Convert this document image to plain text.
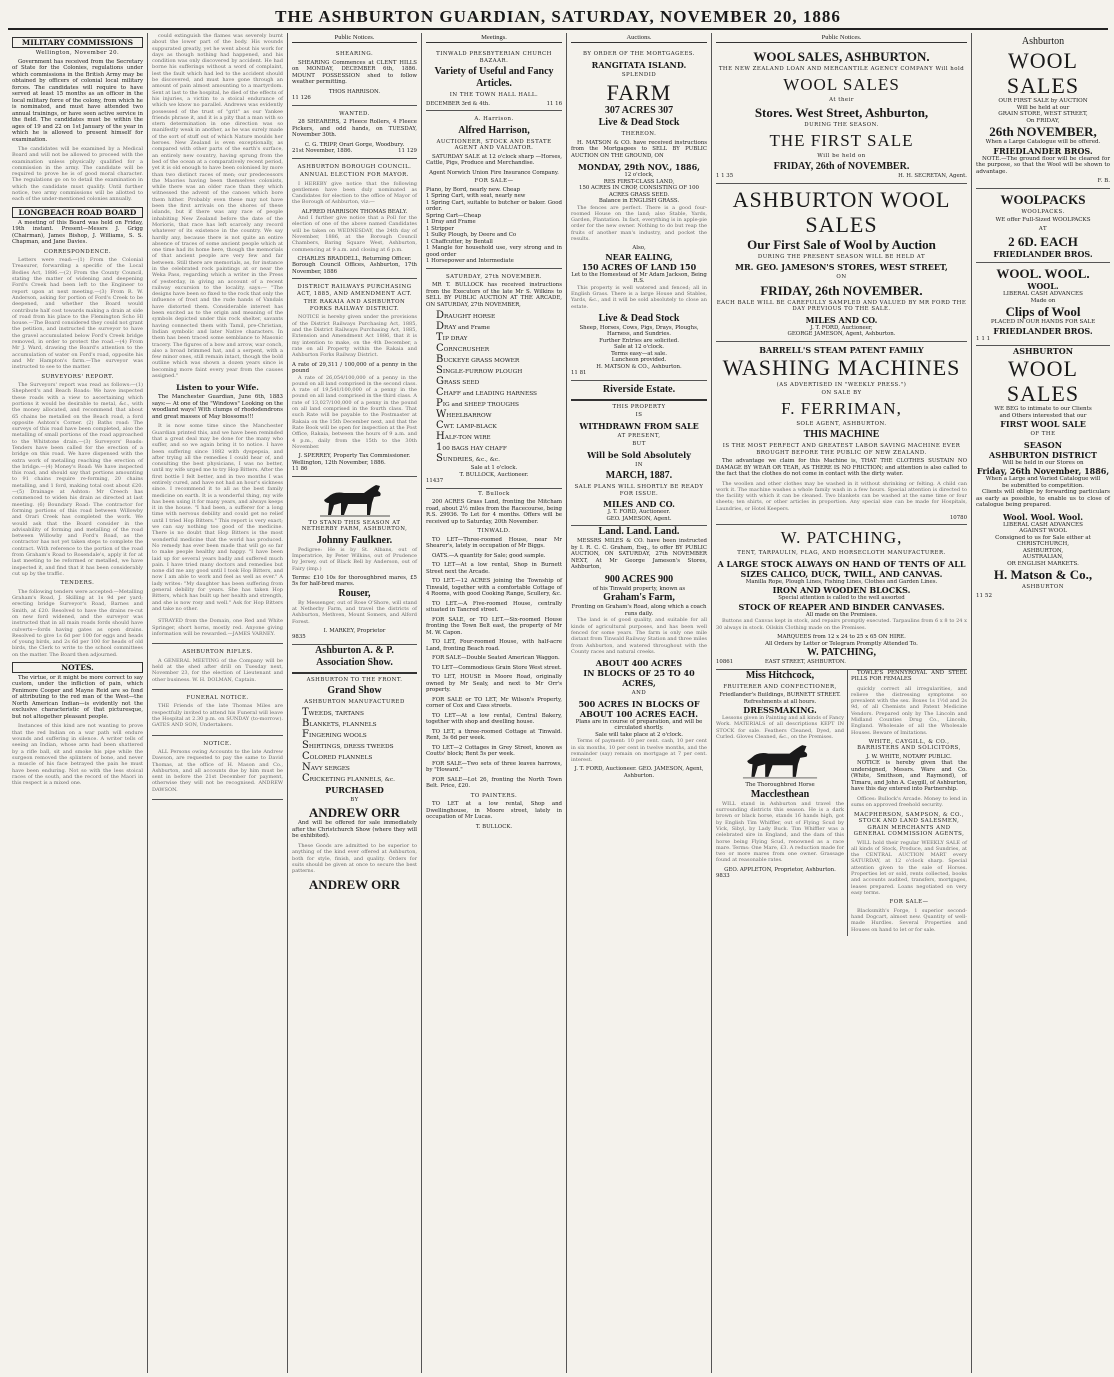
THE ASHBURTON GUARDIAN, SATURDAY, NOVEMBER 20, 1886
MILITARY COMMISSIONS
Wellington, November 20.

Government has received from the Secretary of State for the Colonies, regulations under which commissions in the British Army may be obtained by officers of colonial local military forces. The candidates will require to have served at least 15 months as an officer in the local military force of the colony, from which he is nominated, and must have attended two annual trainings, or have seen active service in the field. The candidates must be within the ages of 19 and 22 on 1st January of the year in which he is allowed to present himself for examination.

The candidates will be examined by a Medical Board and will not be allowed to proceed with the examination unless physically qualified for a commission in the army. The candidate will be required to prove he is of good moral character. The regulations go on to detail the examination in which the candidate must qualify. Until further notice, two army commissions will be allotted to each of the under-mentioned colonies annually.

LONGBEACH ROAD BOARD

A meeting of this Board was held on Friday, 19th instant. Present—Messrs J. Grigg (Chairman), James Bishop, J. Williams, S. S. Chapman, and Jane Davies.

CORRESPONDENCE.

Letters were read:—(1) From the Colonial Treasurer, forwarding a specific of the Local Bodies Act, 1886.—(2) From the County Council, stating the matter of widening and deepening Ford's Creek had been left to the Engineer to report upon at next meeting.—(3) From R. W. Anderson, asking for portion of Ford's Creek to be deepened, and whether the Board would contribute half cost towards making a drain at side of road from his place to the Flemington Scho Hl house.—The Board considered they could not grant the petition, and instructed the surveyor to have the gravel accumulated below Ford's Creek bridge removed, in order to protect the road.—(4) From Mr J. Ward, drawing the Board's attention to the accumulation of water on Ford's road, opposite his and Mr Hampton's farm.—The surveyor was instructed to see to the matter.

SURVEYORS' REPORT.

The Surveyors' report was read as follows:—(1) Shepherd's and Beach Roads: We have inspected these roads with a view to ascertaining which portions it would be desirable to metal, &c., with the money allocated, and recommend that about 65 chains be metalled on the Beach road, a ford opposite Ashton's Corner. (2) Baths road: The surveys of this road have been completed, also the metalling of small portions of the road approached to the Whitstone drain.—(3) Surveyors' Roads: Tenders have been called for the erection of a bridge on this road. We have dispensed with the extra work of metalling reaching the erection of the bridge.—(4) Money's Road: We have inspected this road, and should say that portions amounting to 91 chains require re-forming, 20 chains metalling, and 1 ford, making total cost about £20.—(5) Drainage at Ashton: Mr Creech has commenced to widen his drain as directed at last meeting. (6) Boundary Road: The contractor for forming portions of this road between Willowby and Orari Creek has completed the work. We would ask that the Board consider in the advisability of forming and metalling of the road between Willowby and Ford's Road, as the contractor has not yet taken steps to complete the contract. With reference to the portion of the road from Graham's Road to Rosendale's, apply it for at last meeting to be reformed or metalled, we have inspected it, and find that it has been considerably cut up by the traffic.

TENDERS.

The following tenders were accepted:—Metalling Graham's Road, J. Skilling at 1s 9d per yard; erecting bridge Surveyor's Road, Barnes and Smith, at £20. Resolved to have the drains re-cut on new ford widened, and the surveyor was instructed that in all main roads fords should have culverts—fords having gates as open drains. Resolved to give 1s 6d per 100 for eggs and heads of young birds, and 2s 6d per 100 for heads of old birds, the Clerk to write to the school committees on the matter. The Board then adjourned.

NOTES.

The virtue, or it might be more correct to say custom, under the infliction of pain, which Fenimore Cooper and Mayne Reid are so fond of attributing to the red man of the West—the North American Indian—is evidently not the exclusive characteristic of that picturesque, but not altogether pleasant people.

Instances of this kind are not wanting to prove that the red Indian on a war path will endure wounds and suffering in silence. A writer tells of seeing an Indian, whose arm had been shattered by a rifle ball, sit and smoke his pipe while the surgeon removed the splinters of bone, and never a muscle of his face betrayed the pain he must have been enduring. Not so with the less stoical races of the south, and the record of the Maori in this respect is a mixed one.

could extinguish the flames was severely burnt about the lower part of the body. His wounds suppurated greatly, yet he went about his work for days as though nothing had happened, and his condition was only discovered by accident. He had borne his sufferings without a word of complaint, lest the fault which had led to the accident should be discovered, and must have gone through an amount of pain almost amounting to a martyrdom. Sent at last to the hospital, he died of the effects of his injuries, a victim to a stoical endurance of which we know no parallel. Andrews was evidently possessed of the trust of "grit" as our Yankee friends phrase it, and it is a pity that a man with so stern determination in one direction was so manifestly weak in another, as he was surely made of the sort of stuff out of which Nature moulds her heroes. New Zealand is even exceptionally, as compared with other parts of the earth's surface, an entirely new country, having sprung from the bed of the ocean at a comparatively recent period, yet it is old enough to have been colonised by more than two distinct races of men; our predecessors the Maories having been themselves colonists, while there was an older race than they which witnessed the advent of the canoes which bore them hither. Probably even these may not have been the first arrivals on the shores of these islands, but if there was any race of people inhabiting New Zealand before the date of the Morioris, that race has left scarcely any record whatever of its existence in the country. We say hardly any, because there is not quite an entire absence of traces of some ancient people which at one time had its home here, though the memorials of that ancient people are very few and far between. Still there are memorials, as, for instance in the celebrated rock paintings at or near the Weka Pass, regarding which a writer in the Press of yesterday, in giving an account of a recent railway excursion to the locality, says:— "The designs have been so fixed to the rock that only the influence of frost and the rude hands of Vandals have distorted them. Considerable interest has been excited as to the origin and meaning of the symbols depicted under this rock shelter, savants having connected them with Tamil, pre-Christian, Indian symbolic and later Native characters. In them has been traced some semblance to Masonic tracery. The figures of a bow and arrow, war conch, also a broad brimmed hat, and a serpent, with a few minor ones, still remain intact, though the bold outline which was shown a dozen years since is becoming more faint every year from the causes assigned."

Listen to your Wife.

The Manchester Guardian, June 6th, 1883 says:— At one of the "Windows" Looking on the woodland ways! With clumps of rhododendrons and great masses of May blossoms!!!

It is now some time since the Manchester Guardian printed this, and we have been reminded that a great deal may be done for the many who suffer, and so we again bring it to notice. I have been suffering since 1882 with dyspepsia, and after trying all the remedies I could hear of, and consulting the best physicians, I was no better, until my wife urged me to try Hop Bitters. After the first bottle I felt better, and in two months I was entirely cured, and have not had an hour's sickness since. I recommend it to all as the best family medicine on earth. It is a wonderful thing, my wife has been using it for many years, and always keeps it in the house. "I had been, a sufferer for a long time with nervous debility and could get no relief until I tried Hop Bitters." This report is very exact; we can say nothing too good of the medicine. There is no doubt that Hop Bitters is the most wonderful medicine that the world has produced. No remedy has ever been made that will go so far to make people healthy and happy. "I have been laid up for several years badly and suffered much pain. I have tried many doctors and remedies but none did me any good until I took Hop Bitters, and now I am able to work and feel as well as ever." A lady writes: "My daughter has been suffering from general debility for years. She has taken Hop Bitters, which has built up her health and strength, and she is now rosy and well." Ask for Hop Bitters and take no other.

STRAYED from the Domain, one Red and White Springer, short horns, mostly red. Anyone giving information will be rewarded.—JAMES VARNEY.

ASHBURTON RIFLES.

A GENERAL MEETING of the Company will be held at the shed after drill on Tuesday next, November 23, for the election of Lieutenant and other business. W. H. DOLMAN, Captain.

FUNERAL NOTICE.

THE Friends of the late Thomas Miles are respectfully invited to attend his Funeral will leave the Hospital at 2.30 p.m. on SUNDAY (to-morrow). GATES AND SON, Undertakers.

NOTICE.

ALL Persons owing Accounts to the late Andrew Dawson, are requested to pay the same to David Thomas, at the office of H. Mason and Co., Ashburton, and all accounts due by him must be sent in before the 21st December for payment, otherwise they will not be recognised. ANDREW DAWSON.

Public Notices.
SHEARING.

SHEARING Commences at CLENT HILLS on MONDAY, DECEMBER 6th, 1886. MOUNT POSSESSION shed to follow weather permitting.

THOS HARRISON.
11 126
WANTED.

28 SHEARERS, 2 Fleece Rollers, 4 Fleece Pickers, and odd hands, on TUESDAY, November 30th.

C. G. TRIPP, Orari Gorge, Woodbury.
21st November, 1886.	11 129
ASHBURTON BOROUGH COUNCIL.
ANNUAL ELECTION FOR MAYOR.

I HEREBY give notice that the following gentlemen have been duly nominated as Candidates for election to the office of Mayor of the Borough of Ashburton, viz:—

ALFRED HARRISON THOMAS BEALY.

And I further give notice that a Poll for the election of one of the above named Candidates will be taken on WEDNESDAY, the 24th day of November, 1886, at the Borough Council Chambers, Baring Square West, Ashburton, commencing at 9 a.m. and closing at 6 p.m.

CHARLES BRADDELL, Returning Officer.
Borough Council Offices, Ashburton, 17th November, 1886
DISTRICT RAILWAYS PURCHASING ACT, 1885, AND AMENDMENT ACT.
THE RAKAIA AND ASHBURTON FORKS RAILWAY DISTRICT.

NOTICE is hereby given under the provisions of the District Railways Purchasing Act, 1885, and the District Railways Purchasing Act, 1885, Extension and Amendment Act 1886, that it is my intention to make, on the 4th December, a rate on all Property within the Rakaia and Ashburton Forks Railway District.

A rate of 29,311 / 100,000 of a penny in the pound

A rate of 26,054/100,000 of a penny in the pound on all land comprised in the second class. A rate of 19,541/100,000 of a penny in the pound on all land comprised in the third class. A rate of 13,027/100,000 of a penny in the pound on all land comprised in the fourth class. That such Rate will be payable to the Postmaster at Rakaia on the 15th December next, and that the Rate Book will be open for inspection at the Post Office, Rakaia, between the hours of 9 a.m. and 4 p.m., daily from the 15th to the 30th November.

J. SPERREY, Property Tax Commissioner.
Wellington, 12th November, 1886.
11 86
TO STAND THIS SEASON AT NETHERBY FARM, ASHBURTON,
Johnny Faulkner.

Pedigree: He is by St. Albans, out of Imperatrice, by Peter Wilkins, out of Prudence by Jersey, out of Black Bell by Anderson, out of Fairy (imp.)

Terms: £10 10s for thoroughbred mares, £5 5s for half-bred mares.
Rouser,

By Messenger, out of Rose O'Shore, will stand at Netherby Farm, and travel the districts of Ashburton, Methven, Mount Somers, and Alford Forest.

I. MARKEY, Proprietor
9835
Ashburton A. & P. Association Show.
ASHBURTON TO THE FRONT.
Grand Show
ASHBURTON MANUFACTURED
TWEEDS, TARTANS
BLANKETS, FLANNELS
FINGERING WOOLS
SHIRTINGS, DRESS TWEEDS
COLORED FLANNELS
NAVY SERGES
CRICKETING FLANNELS, &c.
PURCHASED
BY
ANDREW ORR

And will be offered for sale immediately after the Christchurch Show (where they will be exhibited).

These Goods are admitted to be superior to anything of the kind ever offered at Ashburton, both for style, finish, and quality. Orders for suits should be given at once to secure the best patterns.

ANDREW ORR
Meetings.
TINWALD PRESBYTERIAN CHURCH BAZAAR.
Variety of Useful and Fancy Articles.
IN THE TOWN HALL HALL.
DECEMBER 3rd & 4th.	11 16
A. Harrison.
Alfred Harrison,
AUCTIONEER, STOCK AND ESTATE AGENT AND VALUATOR.

SATURDAY SALE at 12 o'clock sharp —Horses, Cattle, Pigs, Produce and Merchandise.

Agent Norwich Union Fire Insurance Company.
FOR SALE—
Piano, by Bord, nearly new. Cheap
1 Spring Cart, with seat, nearly new
1 Spring Cart, suitable to butcher or baker. Good order.
Spring Cart—Cheap
1 Dray and Frame
1 Stripper
1 Sulky Plough, by Deere and Co
1 Chaffcutter, by Bentall
1 Mangle for household use, very strong and in good order
1 Horsepower and Intermediate
SATURDAY, 27th NOVEMBER.

MR T. BULLOCK has received instructions from the Executors of the late Mr S. Wilkins to SELL BY PUBLIC AUCTION AT THE ARCADE, ON SATURDAY, 27th NOVEMBER,

DRAUGHT HORSE
DRAY and Frame
TIP DRAY
CORNCRUSHER
BUCKEYE GRASS MOWER
SINGLE-FURROW PLOUGH
GRASS SEED
CHAFF and LEADING HARNESS
PIG and SHEEP TROUGHS
WHEELBARROW
CWT. LAMP-BLACK
HALF-TON WIRE
100 BAGS HAY CHAFF
SUNDRIES, &c., &c.
Sale at 1 o'clock.
T. BULLOCK, Auctioneer.
11437
T. Bullock

200 ACRES Grass Land, fronting the Mitcham road, about 2½ miles from the Racecourse, being R.S. 29936. To Let for 4 months. Offers will be received up to Saturday, 20th November.

TINWALD.

TO LET—Three-roomed House, near Mr Shearer's, lately in occupation of Mr Biggs.

OATS.—A quantity for Sale; good sample.

TO LET—At a low rental, Shop in Burnett Street next the Arcade.

TO LET.—12 ACRES joining the Township of Tinwald, together with a comfortable Cottage of 4 Rooms, with good Cooking Range, Scullery, &c.

TO LET.—A Five-roomed House, centrally situated in Tancred street.

FOR SALE, or TO LET.—Six-roomed House fronting the Town Belt east, the property of Mr M. W. Capon.

TO LET, Four-roomed House, with half-acre Land, fronting Beach road.

FOR SALE—Double Seated American Waggon.

TO LET—Commodious Grain Store West street.

TO LET, HOUSE in Moore Road, originally owned by Mr Sealy, and next to Mr Orr's property.

FOR SALE or TO LET, Mr Wilson's Property, corner of Cox and Cass streets.

TO LET—At a low rental, Central Bakery, together with shop and dwelling house.

TO LET, a three-roomed Cottage at Tinwald. Rent, 3s 6d per week.

TO LET—2 Cottages in Grey Street, known as Coutts' block; Rent 5s per week.

FOR SALE—Two sets of three leaves harrows, by "Howard."

FOR SALE—Lot 26, fronting the North Town Belt. Price, £20.

TO PAINTERS.

TO LET at a low rental, Shop and Dwellinghouse, in Moore street, lately in occupation of Mr Lucas.

T. BULLOCK.
Auctions.
BY ORDER OF THE MORTGAGEES.
RANGITATA ISLAND.
SPLENDID
FARM
307 ACRES 307
Live & Dead Stock
THEREON.

H. MATSON & CO. have received instructions from the Mortgagees to SELL BY PUBLIC AUCTION ON THE GROUND, ON

MONDAY, 29th NOV., 1886,
12 o'clock,
RES FIRST-CLASS LAND,
150 ACRES IN CROP, CONSISTING OF 100 ACRES GRASS SEED.
Balance in ENGLISH GRASS.

The fences are perfect. There is a good four-roomed House on the land; also Stable, Yards, Garden, Plantation. In fact, everything is in apple-pie order for the new owner. Nothing to do but reap the fruits of another man's industry, and pocket the results.

Also,
NEAR EALING,
150 ACRES OF LAND 150
Let to the Homestead of Mr Adam Jackson, Being R.S.

This property is well watered and fenced; all in English Grass. There is a large House and Stables, Yards, &c., and it will be sold absolutely to close an estate.

Live & Dead Stock
Sheep, Horses, Cows, Pigs, Drays, Ploughs, Harness, and Sundries.
Further Entries are solicited.
Sale at 12 o'clock.
Terms easy—at sale.
Luncheon provided.
H. MATSON & CO., Ashburton.
11 81
Riverside Estate.
THIS PROPERTY
IS
WITHDRAWN FROM SALE
AT PRESENT,
BUT
Will be Sold Absolutely
IN
MARCH, 1887.
SALE PLANS WILL SHORTLY BE READY FOR ISSUE.
MILES AND CO.
J. T. FORD, Auctioneer.
GEO. JAMESON, Agent.
Land. Land. Land.

MESSRS MILES & CO. have been instructed by I. R. C. C. Graham, Esq., to offer BY PUBLIC AUCTION, ON SATURDAY, 27th NOVEMBER NEXT, At Mr George Jameson's Stores, Ashburton,

900 ACRES 900
of his Tinwald property, known as
Graham's Farm,
Fronting on Graham's Road, along which a coach runs daily.

The land is of good quality, and suitable for all kinds of agricultural purposes, and has been well fenced for some years. The farm is only one mile distant from Tinwald Railway Station and three miles from Ashburton, and watered throughout with the County races and natural creeks.

ABOUT 400 ACRES
IN BLOCKS OF 25 TO 40 ACRES,
AND
500 ACRES IN BLOCKS OF ABOUT 100 ACRES EACH.
Plans are in course of preparation, and will be circulated shortly.
Sale will take place at 2 o'clock.

Terms of payment: 10 per cent. cash, 10 per cent in six months, 10 per cent in twelve months, and the remainder (say) remain on mortgage at 7 per cent. interest.

J. T. FORD, Auctioneer. GEO. JAMESON, Agent, Ashburton.
Public Notices.
WOOL SALES, ASHBURTON.
THE NEW ZEALAND LOAN AND MERCANTILE AGENCY COMPANY Will hold
WOOL SALES
At their
Stores. West Street, Ashburton,
DURING THE SEASON.
THE FIRST SALE
Will be held on
FRIDAY, 26th of NOVEMBER.
1 1 35	H. H. SECRETAN, Agent.
ASHBURTON WOOL SALES
Our First Sale of Wool by Auction
DURING THE PRESENT SEASON WILL BE HELD AT
MR. GEO. JAMESON'S STORES, WEST STREET,
ON
FRIDAY, 26th NOVEMBER.
EACH BALE WILL BE CAREFULLY SAMPLED AND VALUED BY MR FORD THE DAY PREVIOUS TO THE SALE.
MILES AND CO.
J. T. FORD, Auctioneer,
GEORGE JAMESON, Agent, Ashburton.
BARRELL'S STEAM PATENT FAMILY
WASHING MACHINES
(AS ADVERTISED IN "WEEKLY PRESS.")
ON SALE BY
F. FERRIMAN,
SOLE AGENT, ASHBURTON.
THIS MACHINE
IS THE MOST PERFECT AND GREATEST LABOR SAVING MACHINE EVER BROUGHT BEFORE THE PUBLIC OF NEW ZEALAND.

The advantage we claim for this Machine is, THAT THE CLOTHES SUSTAIN NO DAMAGE BY WEAR OR TEAR, AS THERE IS NO FRICTION; and attention is also called to the fact that the clothes do not come in contact with the dirty water.

The woollen and other clothes may be washed in it without shrinking or felting. A child can work it. The machine washes a whole family wash in a few hours. Special attention is directed to the facility with which it can be cleaned. Two blankets can be washed at the same time or four sheets; ten shirts, or other articles in proportion. Any special size can be made for Hospitals, Laundries, or Hotel Keepers.

10780
W. PATCHING,
TENT, TARPAULIN, FLAG, AND HORSECLOTH MANUFACTURER.
A LARGE STOCK ALWAYS ON HAND OF TENTS OF ALL SIZES CALICO, DUCK, TWILL, AND CANVAS.
Manilla Rope, Plough Lines, Fishing Lines, Clothes and Garden Lines.
IRON AND WOODEN BLOCKS.
Special attention is called to the well assorted
STOCK OF REAPER AND BINDER CANVASES.
All made on the Premises.

Buttons and Canvas kept in stock, and repairs promptly executed. Tarpaulins from 6 x 8 to 24 x 30 always in stock. Oilskin Clothing made on the Premises.

MARQUEES from 12 x 24 to 25 x 65 ON HIRE.
All Orders by Letter or Telegram Promptly Attended To.
W. PATCHING,
10861	EAST STREET, ASHBURTON.
Miss Hitchcock,
FRUITERER AND CONFECTIONER,
Friedlander's Buildings, BURNETT STREET.
Refreshments at all hours.
DRESSMAKING.

Lessons given in Painting and all kinds of Fancy Work. MATERIALS of all descriptions KEPT IN STOCK for sale. Feathers Cleaned, Dyed, and Curled. Gloves Cleaned, &c., on the Premises.

The Thoroughbred Horse
Macclesthean

WILL stand in Ashburton and travel the surrounding districts this season. He is a dark brown or black horse, stands 16 hands high, got by English Tim Whiffler, out of Flying Scud by Vick, Sibyl, by Lady Buck. Tim Whiffler was a celebrated sire in England, and the dam of this horse being Flying Scud, renowned as a race mare. Terms: One Mare, £3. A reduction made for two or more mares from one owner. Grassage found at reasonable rates.

GEO. APPLETON, Proprietor, Ashburton.
9833

TOWLE'S PENNYROYAL AND STEEL PILLS FOR FEMALES

quickly correct all irregularities, and relieve the distressing symptoms so prevalent with the sex. Boxes 1s 1½d and 2s 9d, of all Chemists and Patent Medicine Vendors. Prepared only by The Lincoln and Midland Counties Drug Co., Lincoln, England. Wholesale of all the Wholesale Houses. Beware of Imitations.

WHITE, CAYGILL, & CO., BARRISTERS AND SOLICITORS,
J. W. WHITE, NOTARY PUBLIC.

NOTICE is hereby given that the undersigned, Messrs. Ware and Co. (White, Smithson, and Raymond), of Timaru, and John A. Caygill, of Ashburton, have this day entered into Partnership.

Offices: Bullock's Arcade. Money to lend in sums on approved freehold security.

MACPHERSON, SAMPSON, & CO., STOCK AND LAND SALESMEN, GRAIN MERCHANTS AND GENERAL COMMISSION AGENTS,

WILL hold their regular WEEKLY SALE of all kinds of Stock, Produce, and Sundries, at the CENTRAL AUCTION MART every SATURDAY, at 12 o'clock sharp. Special attention given to the sale of Horses. Properties let or sold, rents collected, books and accounts audited, transfers, mortgages, leases prepared. Loans negotiated on very easy terms.

FOR SALE—

Blacksmith's Forge, 1 superior second-hand Dogcart, almost new. Quantity of well-made Hurdles. Several Properties and Houses on hand to let or for sale.

Ashburton
WOOL SALES
OUR FIRST SALE by AUCTION
Will be held at our
GRAIN STORE, WEST STREET,
On FRIDAY,
26th NOVEMBER,
When a Large Catalogue will be offered.
FRIEDLANDER BROS.

NOTE.—The ground floor will be cleared for the purpose, so that the Wool will be shown to advantage.

F. B.
WOOLPACKS
WOOLPACKS.
WE offer Full-Sized WOOLPACKS
AT
2 6D. EACH
FRIEDLANDER BROS.
WOOL. WOOL.
WOOL.
LIBERAL CASH ADVANCES
Made on
Clips of Wool
PLACED IN OUR HANDS FOR SALE
FRIEDLANDER BROS.
1 1 1
ASHBURTON
WOOL SALES
WE BEG to intimate to our Clients
and Others interested that our
FIRST WOOL SALE
OF THE
SEASON
ASHBURTON DISTRICT
Will be held in our Stores on
Friday, 26th November, 1886,
When a Large and Varied Catalogue will
be submitted to competition.

Clients will oblige by forwarding particulars as early as possible, to enable us to close of catalogue being prepared.

Wool. Wool. Wool.
LIBERAL CASH ADVANCES
AGAINST WOOL
Consigned to us for Sale either at
CHRISTCHURCH,
ASHBURTON,
AUSTRALIAN,
OR ENGLISH MARKETS.
H. Matson & Co.,
ASHBURTON
11 52
